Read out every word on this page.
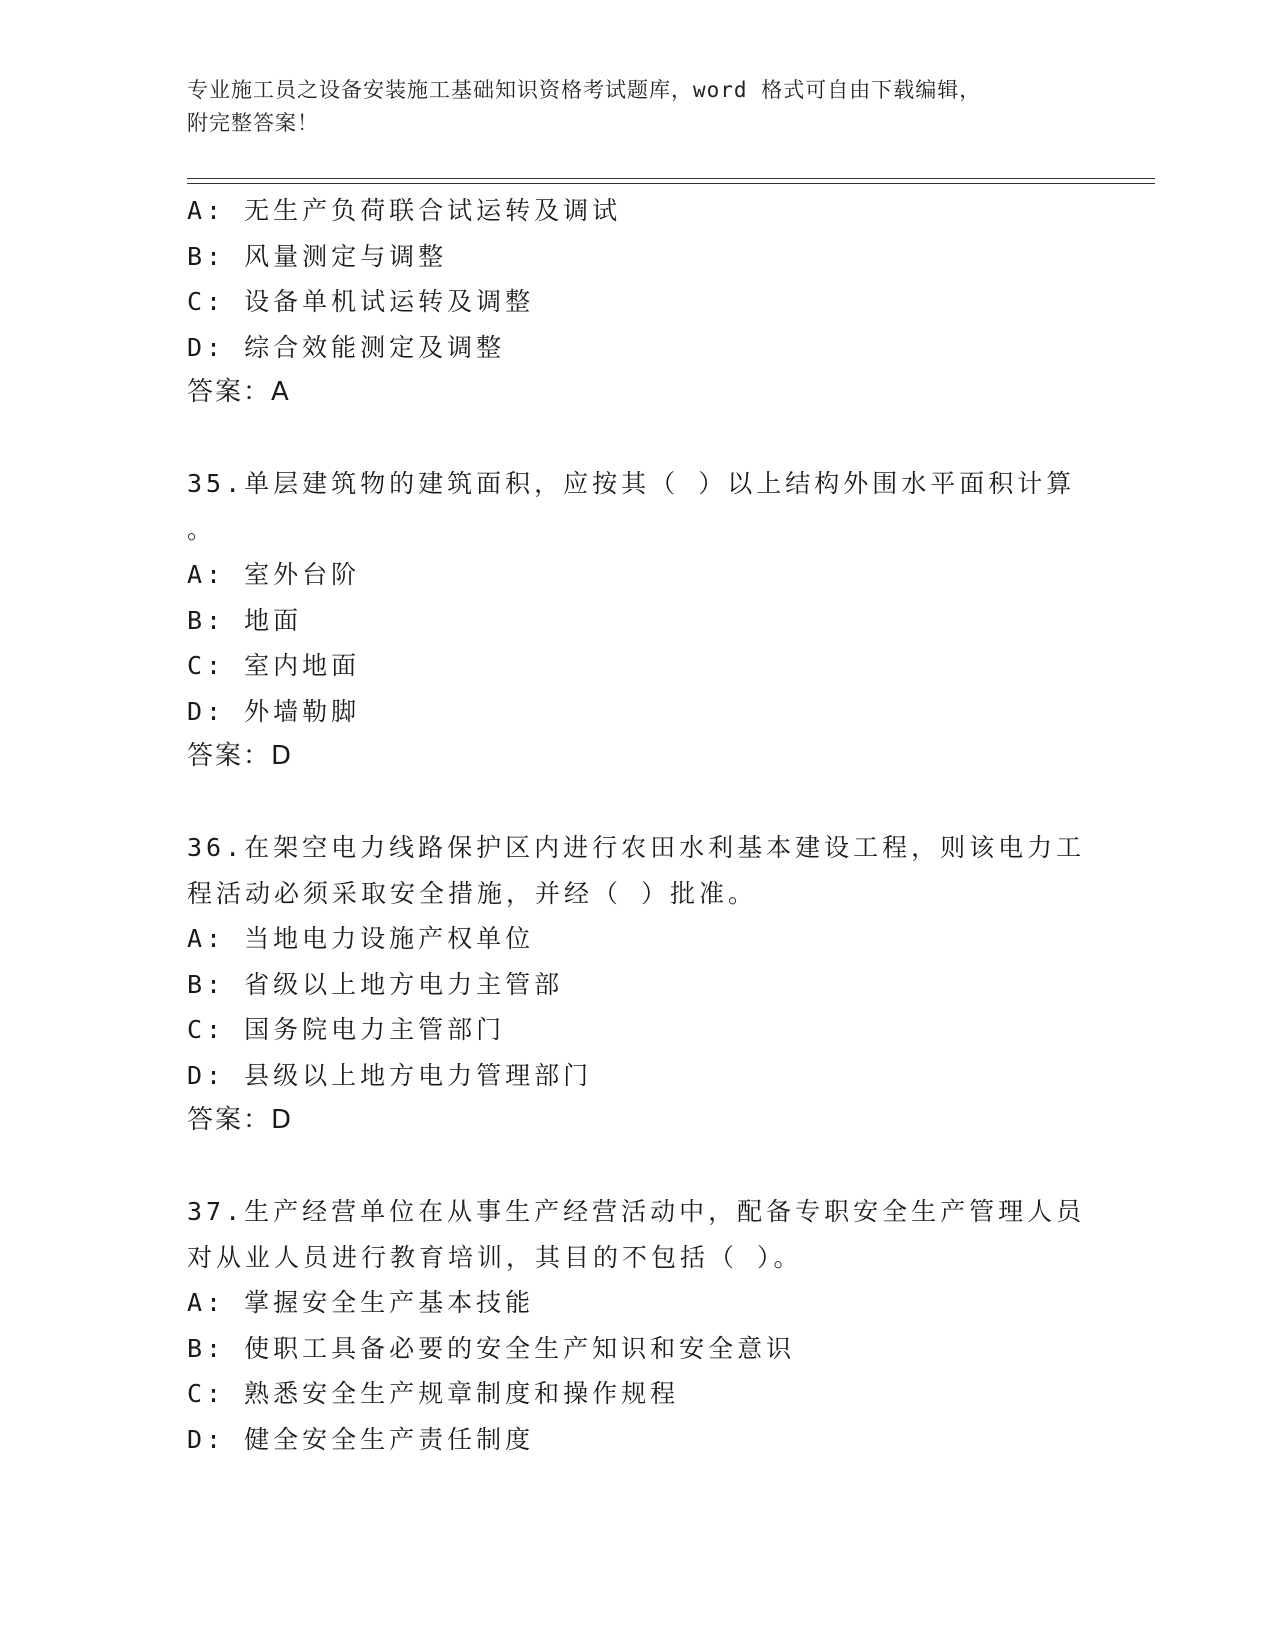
专业施工员之设备安装施工基础知识资格考试题库，word 格式可自由下载编辑，
附完整答案！
A: 无生产负荷联合试运转及调试
B: 风量测定与调整
C: 设备单机试运转及调整
D: 综合效能测定及调整
答案：A
35.单层建筑物的建筑面积，应按其（ ）以上结构外围水平面积计算
。
A: 室外台阶
B: 地面
C: 室内地面
D: 外墙勒脚
答案：D
36.在架空电力线路保护区内进行农田水利基本建设工程，则该电力工
程活动必须采取安全措施，并经（ ）批准。
A: 当地电力设施产权单位
B: 省级以上地方电力主管部
C: 国务院电力主管部门
D: 县级以上地方电力管理部门
答案：D
37.生产经营单位在从事生产经营活动中，配备专职安全生产管理人员
对从业人员进行教育培训，其目的不包括（ ）。
A: 掌握安全生产基本技能
B: 使职工具备必要的安全生产知识和安全意识
C: 熟悉安全生产规章制度和操作规程
D: 健全安全生产责任制度
